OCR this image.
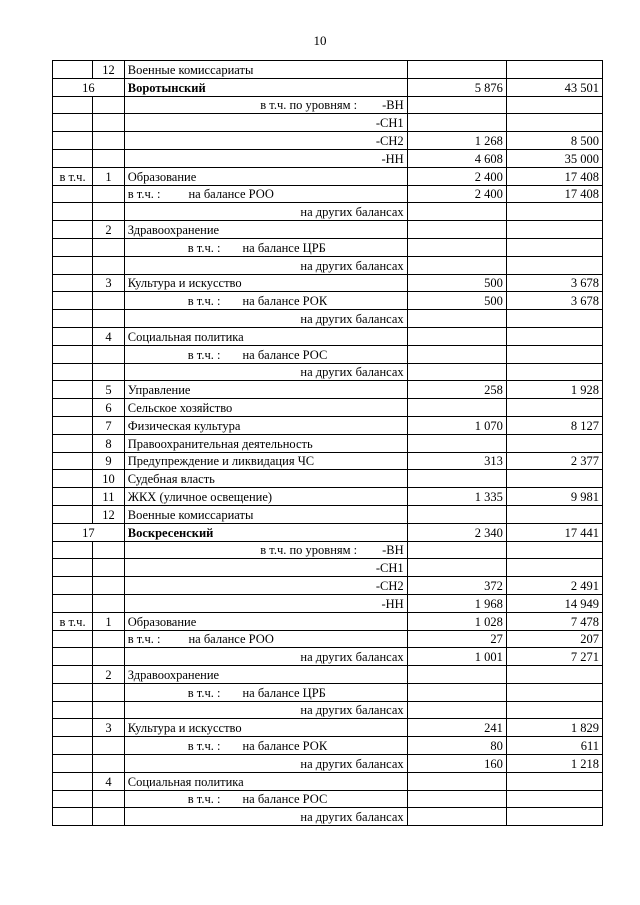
10
	12	Военные комиссариаты		
16		Воротынский	5 876	43 501
		в т.ч. по уровням : -ВН		
		-СН1		
		-СН2	1 268	8 500
		-НН	4 608	35 000
в т.ч.	1	Образование	2 400	17 408
		в т.ч. : на балансе РОО	2 400	17 408
		на других балансах		
	2	Здравоохранение		
		в т.ч. : на балансе ЦРБ		
		на других балансах		
	3	Культура и искусство	500	3 678
		в т.ч. : на балансе РОК	500	3 678
		на других балансах		
	4	Социальная политика		
		в т.ч. : на балансе РОС		
		на других балансах		
	5	Управление	258	1 928
	6	Сельское хозяйство		
	7	Физическая культура	1 070	8 127
	8	Правоохранительная деятельность		
	9	Предупреждение и ликвидация ЧС	313	2 377
	10	Судебная власть		
	11	ЖКХ (уличное освещение)	1 335	9 981
	12	Военные комиссариаты		
17		Воскресенский	2 340	17 441
		в т.ч. по уровням : -ВН		
		-СН1		
		-СН2	372	2 491
		-НН	1 968	14 949
в т.ч.	1	Образование	1 028	7 478
		в т.ч. : на балансе РОО	27	207
		на других балансах	1 001	7 271
	2	Здравоохранение		
		в т.ч. : на балансе ЦРБ		
		на других балансах		
	3	Культура и искусство	241	1 829
		в т.ч. : на балансе РОК	80	611
		на других балансах	160	1 218
	4	Социальная политика		
		в т.ч. : на балансе РОС		
		на других балансах		
